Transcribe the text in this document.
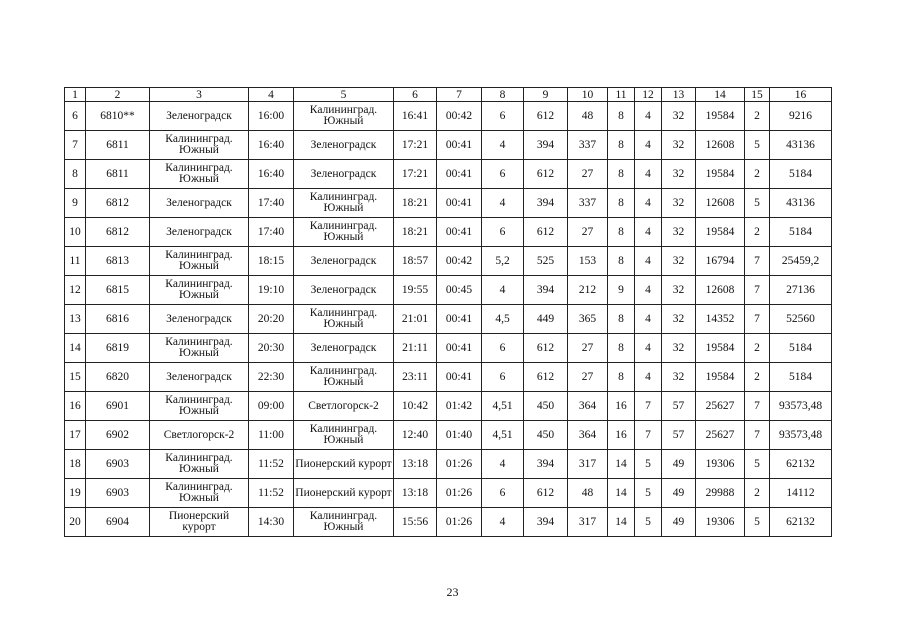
1	2	3	4	5	6	7	8	9	10	11	12	13	14	15	16
6	6810**	Зеленоградск	16:00	Калининград. Южный	16:41	00:42	6	612	48	8	4	32	19584	2	9216
7	6811	Калининград. Южный	16:40	Зеленоградск	17:21	00:41	4	394	337	8	4	32	12608	5	43136
8	6811	Калининград. Южный	16:40	Зеленоградск	17:21	00:41	6	612	27	8	4	32	19584	2	5184
9	6812	Зеленоградск	17:40	Калининград. Южный	18:21	00:41	4	394	337	8	4	32	12608	5	43136
10	6812	Зеленоградск	17:40	Калининград. Южный	18:21	00:41	6	612	27	8	4	32	19584	2	5184
11	6813	Калининград. Южный	18:15	Зеленоградск	18:57	00:42	5,2	525	153	8	4	32	16794	7	25459,2
12	6815	Калининград. Южный	19:10	Зеленоградск	19:55	00:45	4	394	212	9	4	32	12608	7	27136
13	6816	Зеленоградск	20:20	Калининград. Южный	21:01	00:41	4,5	449	365	8	4	32	14352	7	52560
14	6819	Калининград. Южный	20:30	Зеленоградск	21:11	00:41	6	612	27	8	4	32	19584	2	5184
15	6820	Зеленоградск	22:30	Калининград. Южный	23:11	00:41	6	612	27	8	4	32	19584	2	5184
16	6901	Калининград. Южный	09:00	Светлогорск-2	10:42	01:42	4,51	450	364	16	7	57	25627	7	93573,48
17	6902	Светлогорск-2	11:00	Калининград. Южный	12:40	01:40	4,51	450	364	16	7	57	25627	7	93573,48
18	6903	Калининград. Южный	11:52	Пионерский курорт	13:18	01:26	4	394	317	14	5	49	19306	5	62132
19	6903	Калининград. Южный	11:52	Пионерский курорт	13:18	01:26	6	612	48	14	5	49	29988	2	14112
20	6904	Пионерский курорт	14:30	Калининград. Южный	15:56	01:26	4	394	317	14	5	49	19306	5	62132
23
